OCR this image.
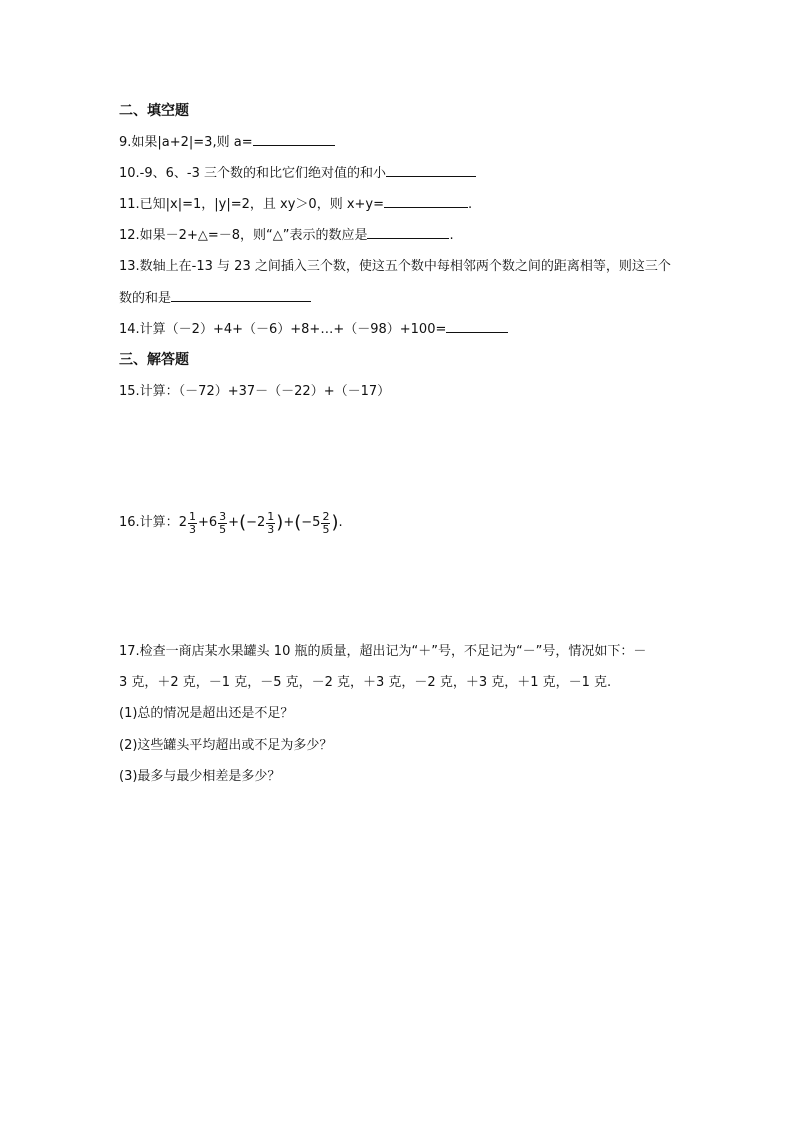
二、填空题
9.如果|a+2|=3,则 a=
10.-9、6、-3 三个数的和比它们绝对值的和小
11.已知|x|=1，|y|=2，且 xy＞0，则 x+y=	.
12.如果－2+△=－8，则“△”表示的数应是	.
13.数轴上在-13 与 23 之间插入三个数，使这五个数中每相邻两个数之间的距离相等，则这三个
数的和是
14.计算（－2）+4+（－6）+8+…+（－98）+100=
三、解答题
15.计算：（－72）+37－（－22）+（－17）
16.计算： $2 \frac{1}{3} + 6 \frac{3}{5}$ + ( − $2 \frac{1}{3}$ ) + ( − $5 \frac{2}{5}$ ) .
17.检查一商店某水果罐头 10 瓶的质量，超出记为“＋”号，不足记为“－”号，情况如下：－
3 克，＋2 克，－1 克，－5 克，－2 克，＋3 克，－2 克，＋3 克，＋1 克，－1 克.
(1)总的情况是超出还是不足？
(2)这些罐头平均超出或不足为多少？
(3)最多与最少相差是多少？
